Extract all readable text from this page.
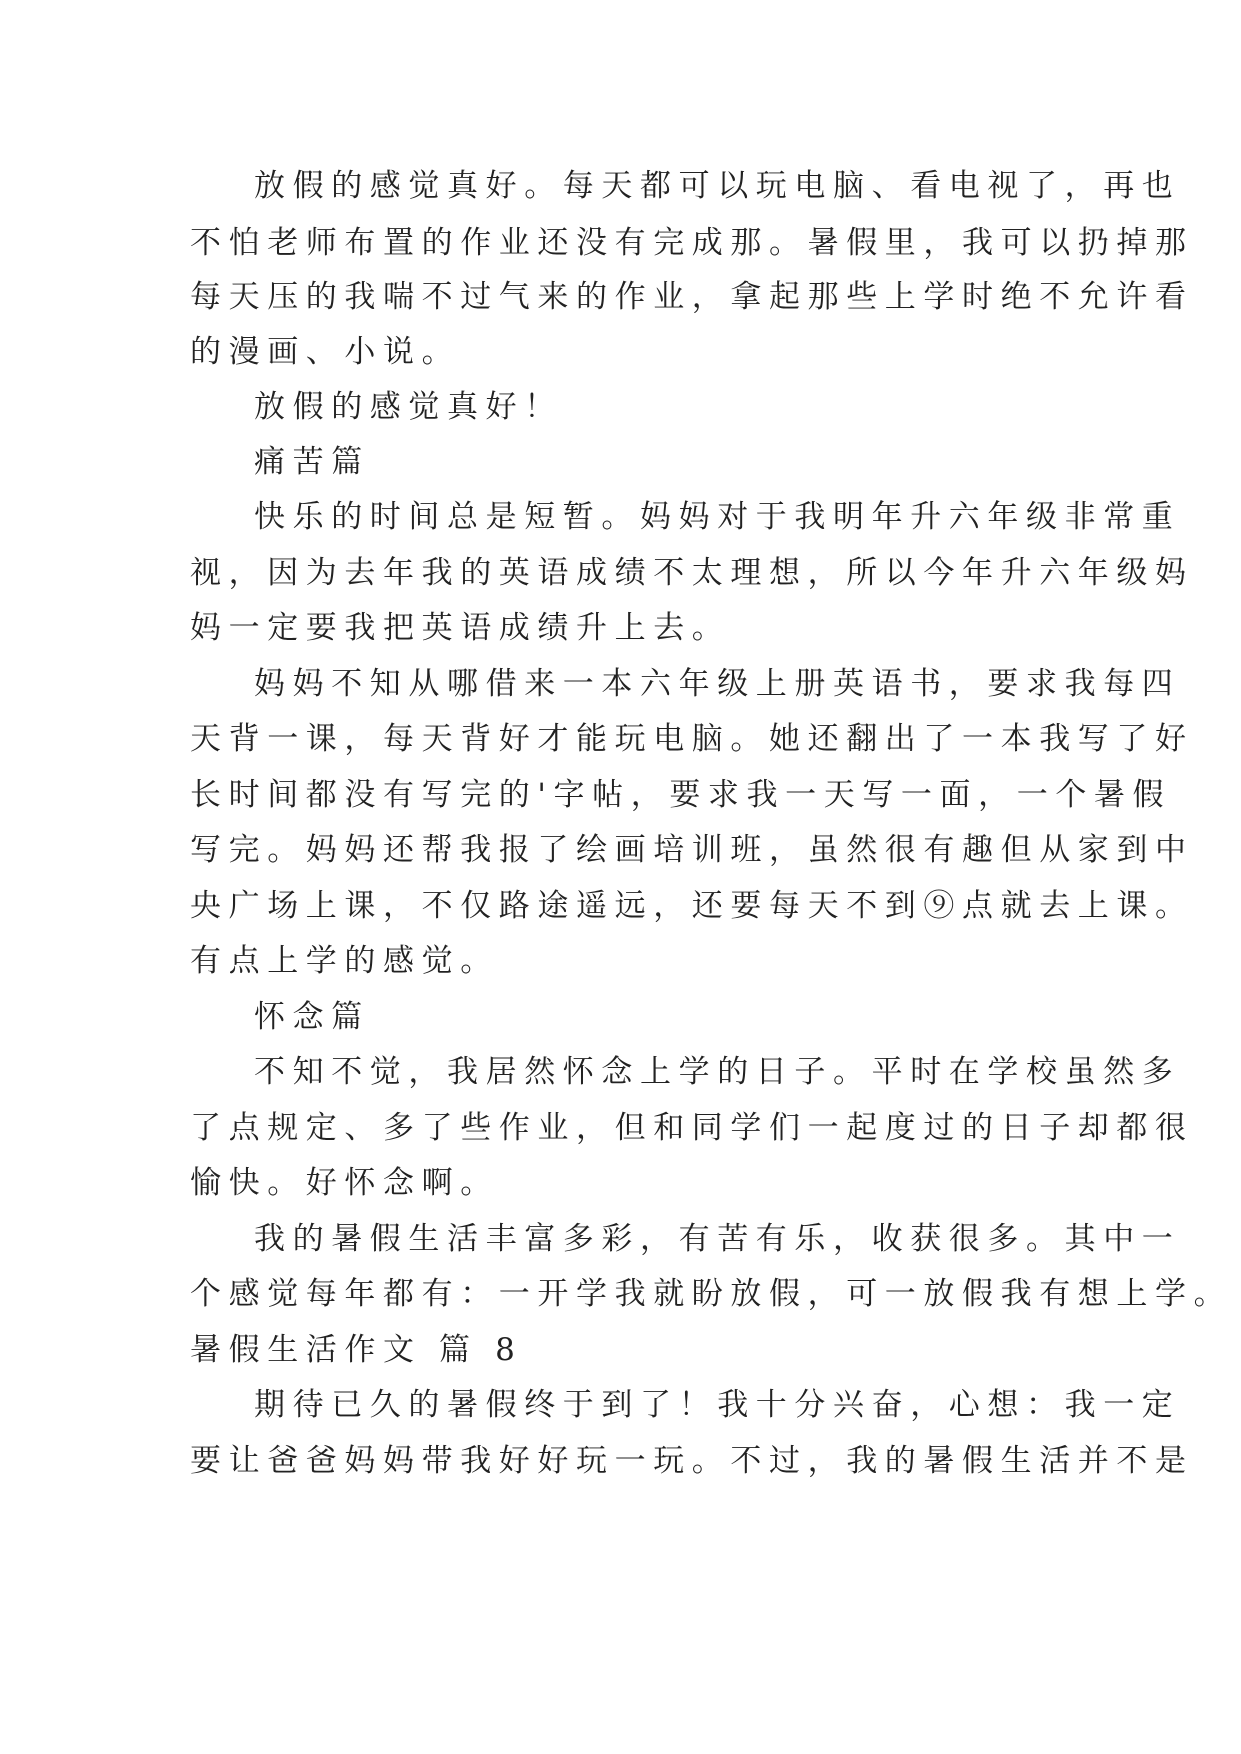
放假的感觉真好。每天都可以玩电脑、看电视了，再也
不怕老师布置的作业还没有完成那。暑假里，我可以扔掉那
每天压的我喘不过气来的作业，拿起那些上学时绝不允许看
的漫画、小说。
放假的感觉真好！
痛苦篇
快乐的时间总是短暂。妈妈对于我明年升六年级非常重
视，因为去年我的英语成绩不太理想，所以今年升六年级妈
妈一定要我把英语成绩升上去。
妈妈不知从哪借来一本六年级上册英语书，要求我每四
天背一课，每天背好才能玩电脑。她还翻出了一本我写了好
长时间都没有写完的'字帖，要求我一天写一面，一个暑假
写完。妈妈还帮我报了绘画培训班，虽然很有趣但从家到中
央广场上课，不仅路途遥远，还要每天不到⑨点就去上课。
有点上学的感觉。
怀念篇
不知不觉，我居然怀念上学的日子。平时在学校虽然多
了点规定、多了些作业，但和同学们一起度过的日子却都很
愉快。好怀念啊。
我的暑假生活丰富多彩，有苦有乐，收获很多。其中一
个感觉每年都有：一开学我就盼放假，可一放假我有想上学。
暑假生活作文 篇 8
期待已久的暑假终于到了！我十分兴奋，心想：我一定
要让爸爸妈妈带我好好玩一玩。不过，我的暑假生活并不是
